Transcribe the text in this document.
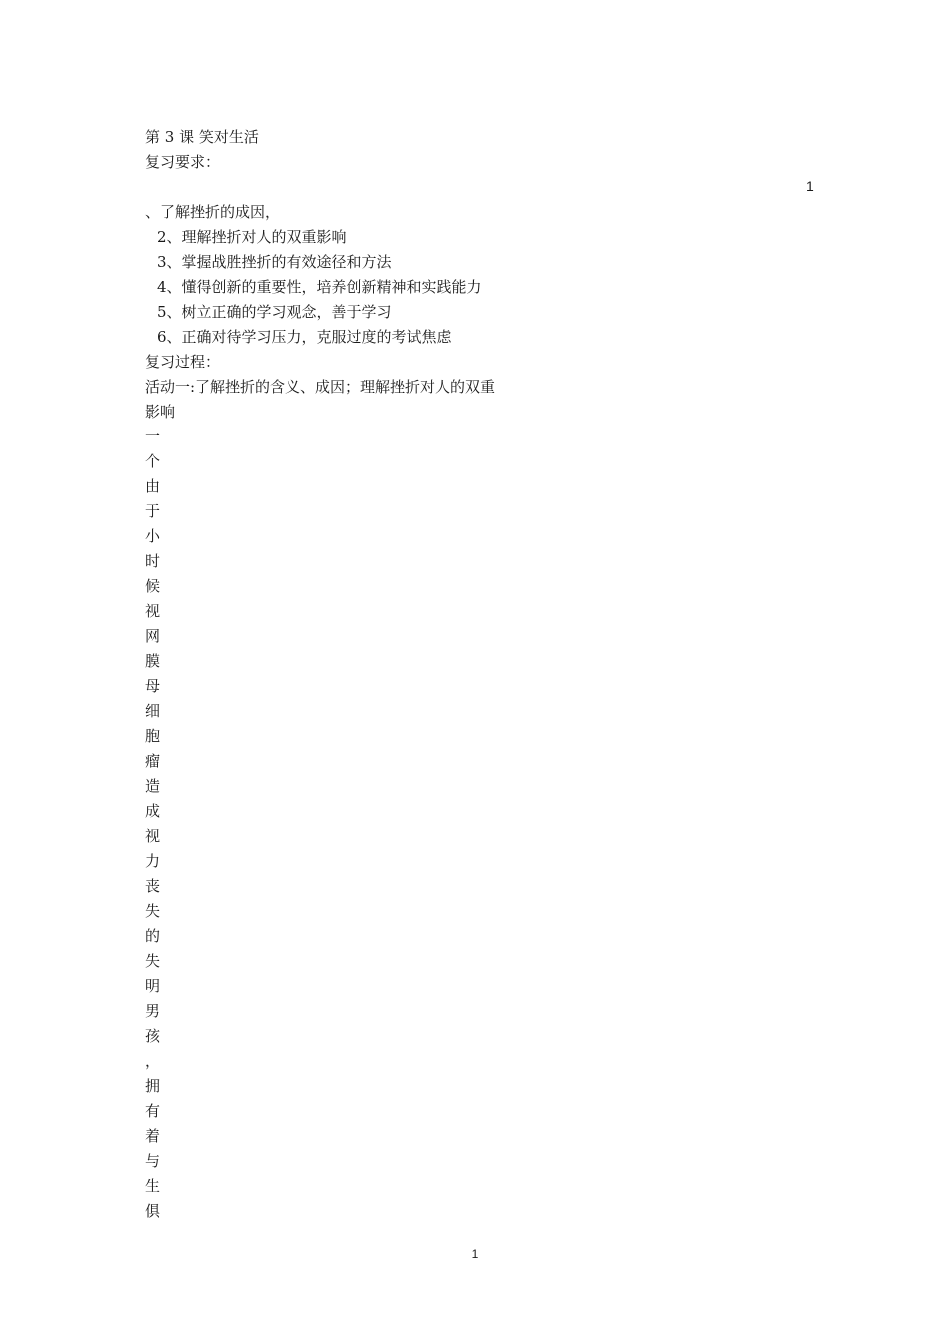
第 3 课 笑对生活
复习要求：
1
、了解挫折的成因，
2、理解挫折对人的双重影响
3、掌握战胜挫折的有效途径和方法
4、懂得创新的重要性，培养创新精神和实践能力
5、树立正确的学习观念，善于学习
6、正确对待学习压力，克服过度的考试焦虑
复习过程：
活动一:了解挫折的含义、成因；理解挫折对人的双重
影响
一
个
由
于
小
时
候
视
网
膜
母
细
胞
瘤
造
成
视
力
丧
失
的
失
明
男
孩
，
拥
有
着
与
生
俱
1
